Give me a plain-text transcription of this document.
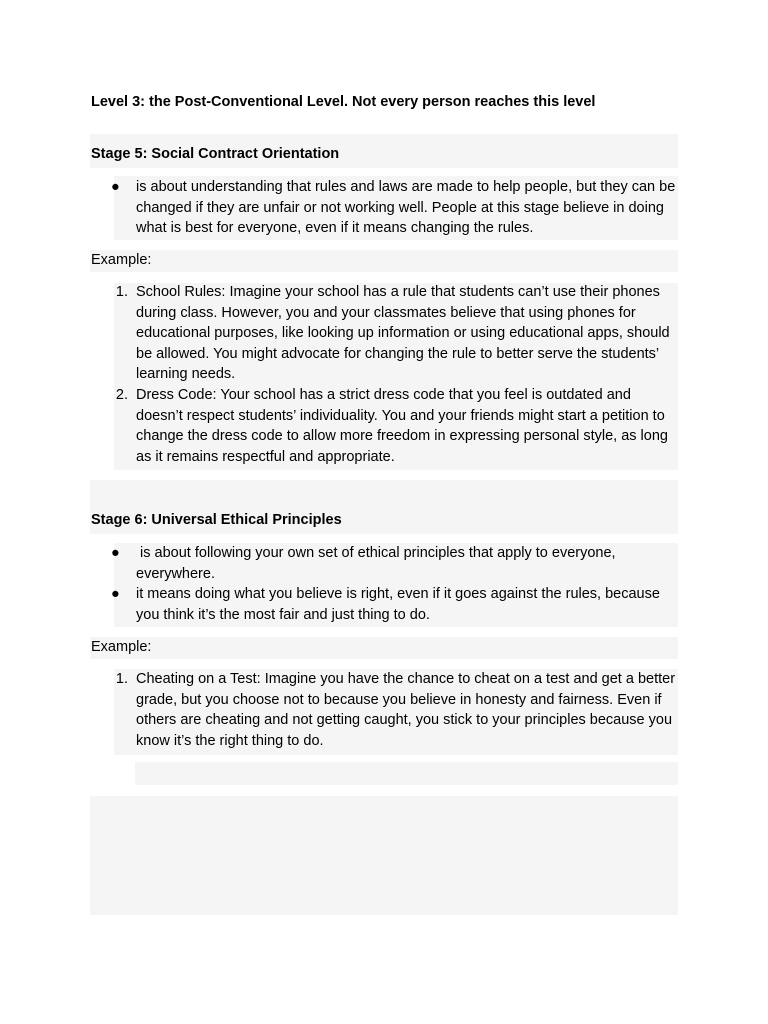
Level 3: the Post-Conventional Level. Not every person reaches this level
Stage 5: Social Contract Orientation
●	is about understanding that rules and laws are made to help people, but they can be changed if they are unfair or not working well. People at this stage believe in doing what is best for everyone, even if it means changing the rules.
Example:
1. School Rules: Imagine your school has a rule that students can’t use their phones during class. However, you and your classmates believe that using phones for educational purposes, like looking up information or using educational apps, should be allowed. You might advocate for changing the rule to better serve the students’ learning needs.
2. Dress Code: Your school has a strict dress code that you feel is outdated and doesn’t respect students’ individuality. You and your friends might start a petition to change the dress code to allow more freedom in expressing personal style, as long as it remains respectful and appropriate.
Stage 6: Universal Ethical Principles
●	is about following your own set of ethical principles that apply to everyone, everywhere.
●	it means doing what you believe is right, even if it goes against the rules, because you think it’s the most fair and just thing to do.
Example:
1. Cheating on a Test: Imagine you have the chance to cheat on a test and get a better grade, but you choose not to because you believe in honesty and fairness. Even if others are cheating and not getting caught, you stick to your principles because you know it’s the right thing to do.
